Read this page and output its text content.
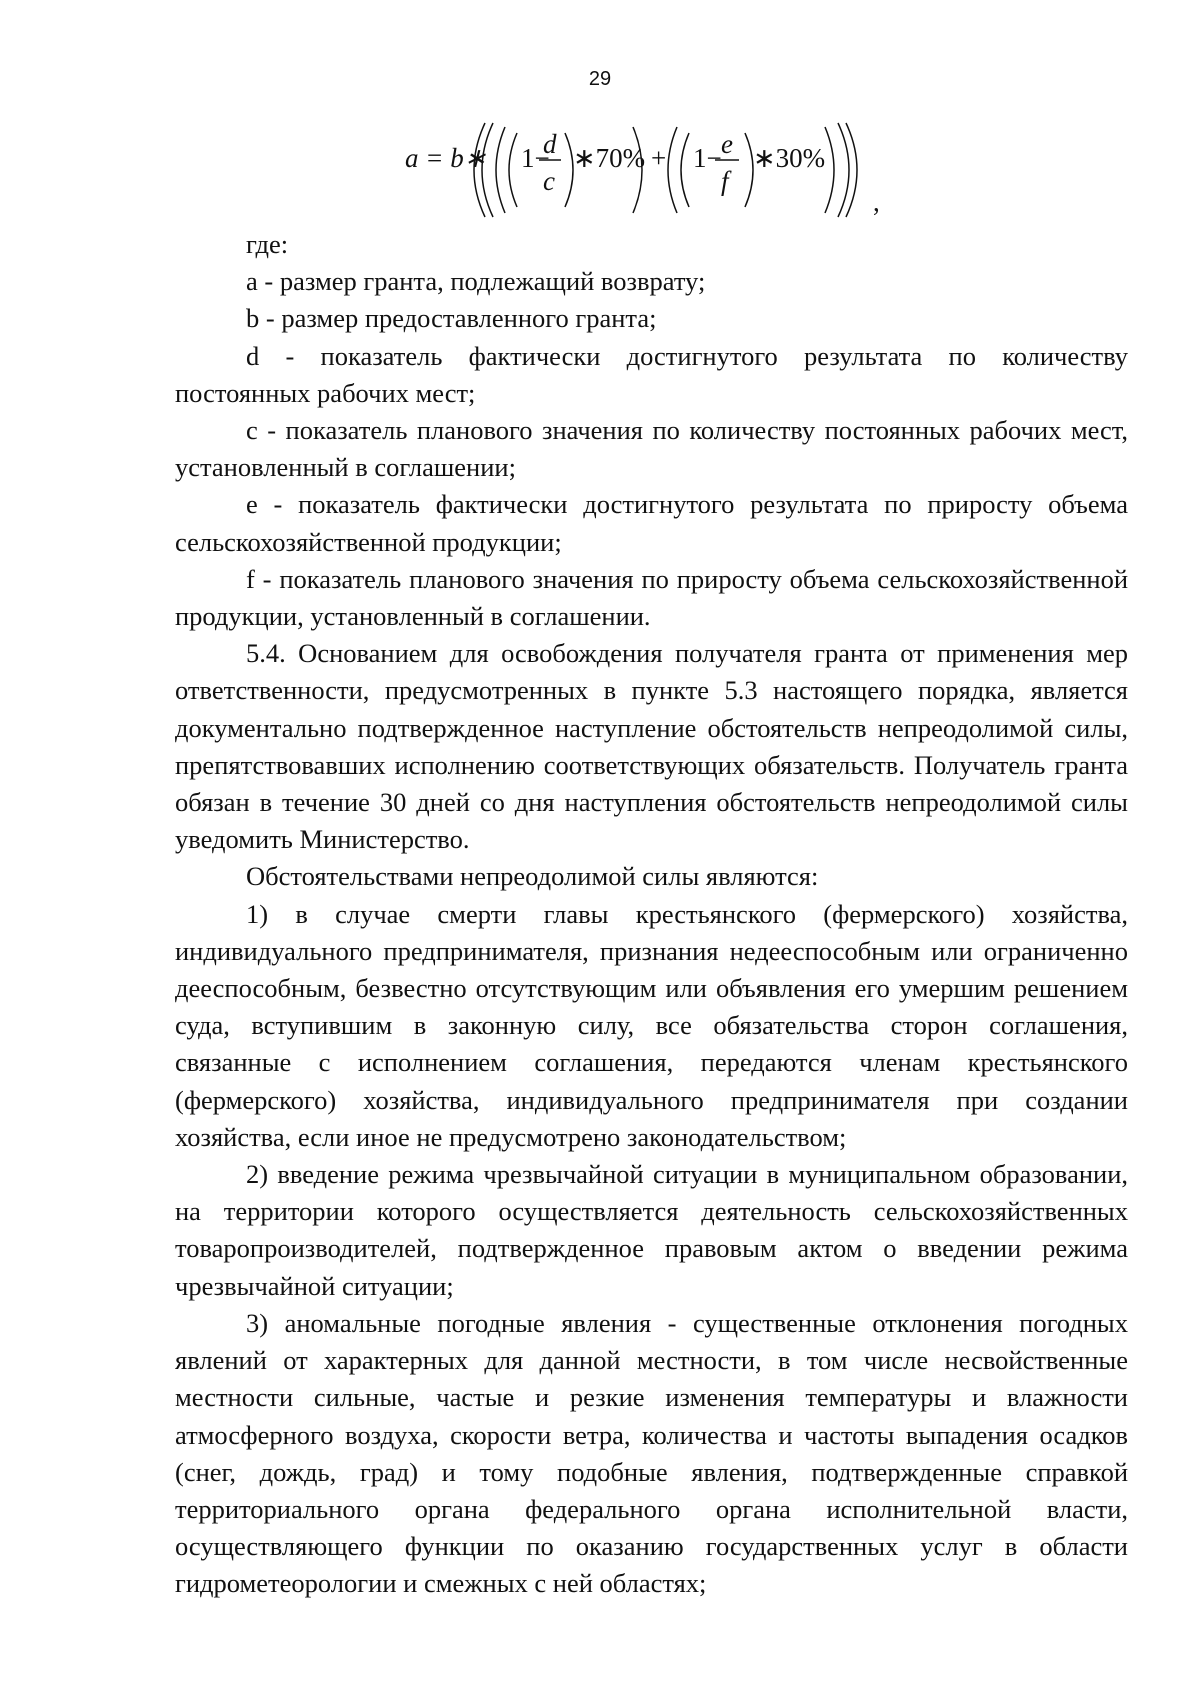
29
a = b∗ 1−
d
c
∗70% + 1− e
f
∗30%
,

где:

a - размер гранта, подлежащий возврату;

b - размер предоставленного гранта;

d - показатель фактически достигнутого результата по количеству постоянных рабочих мест;

c - показатель планового значения по количеству постоянных рабочих мест, установленный в соглашении;

e - показатель фактически достигнутого результата по приросту объема сельскохозяйственной продукции;

f - показатель планового значения по приросту объема сельскохозяйственной продукции, установленный в соглашении.

5.4. Основанием для освобождения получателя гранта от применения мер ответственности, предусмотренных в пункте 5.3 настоящего порядка, является документально подтвержденное наступление обстоятельств непреодолимой силы, препятствовавших исполнению соответствующих обязательств. Получатель гранта обязан в течение 30 дней со дня наступления обстоятельств непреодолимой силы уведомить Министерство.

Обстоятельствами непреодолимой силы являются:

1) в случае смерти главы крестьянского (фермерского) хозяйства, индивидуального предпринимателя, признания недееспособным или ограниченно дееспособным, безвестно отсутствующим или объявления его умершим решением суда, вступившим в законную силу, все обязательства сторон соглашения, связанные с исполнением соглашения, передаются членам крестьянского (фермерского) хозяйства, индивидуального предпринимателя при создании хозяйства, если иное не предусмотрено законодательством;

2) введение режима чрезвычайной ситуации в муниципальном образовании, на территории которого осуществляется деятельность сельскохозяйственных товаропроизводителей, подтвержденное правовым актом о введении режима чрезвычайной ситуации;

3) аномальные погодные явления - существенные отклонения погодных явлений от характерных для данной местности, в том числе несвойственные местности сильные, частые и резкие изменения температуры и влажности атмосферного воздуха, скорости ветра, количества и частоты выпадения осадков (снег, дождь, град) и тому подобные явления, подтвержденные справкой территориального органа федерального органа исполнительной власти, осуществляющего функции по оказанию государственных услуг в области гидрометеорологии и смежных с ней областях;
